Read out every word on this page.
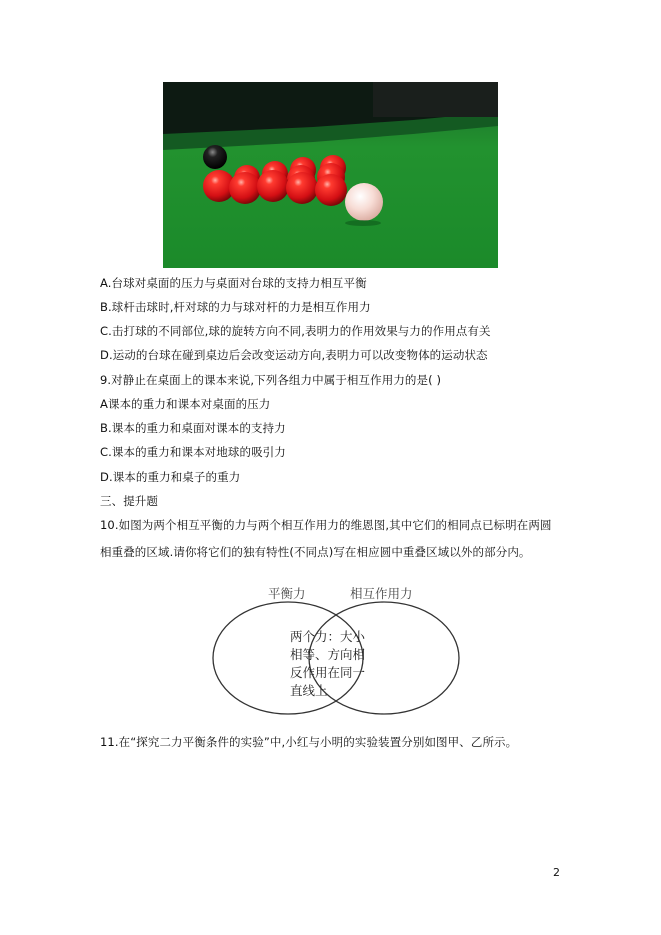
A.台球对桌面的压力与桌面对台球的支持力相互平衡
B.球杆击球时,杆对球的力与球对杆的力是相互作用力
C.击打球的不同部位,球的旋转方向不同,表明力的作用效果与力的作用点有关
D.运动的台球在碰到桌边后会改变运动方向,表明力可以改变物体的运动状态
9.对静止在桌面上的课本来说,下列各组力中属于相互作用力的是( )
A课本的重力和课本对桌面的压力
B.课本的重力和桌面对课本的支持力
C.课本的重力和课本对地球的吸引力
D.课本的重力和桌子的重力
三、提升题
10.如图为两个相互平衡的力与两个相互作用力的维恩图,其中它们的相同点已标明在两圆
相重叠的区域.请你将它们的独有特性(不同点)写在相应圆中重叠区域以外的部分内。
平衡力	相互作用力
两个力：大小
相等、方向相
反作用在同一
直线上
11.在“探究二力平衡条件的实验”中,小红与小明的实验装置分别如图甲、乙所示。
2
